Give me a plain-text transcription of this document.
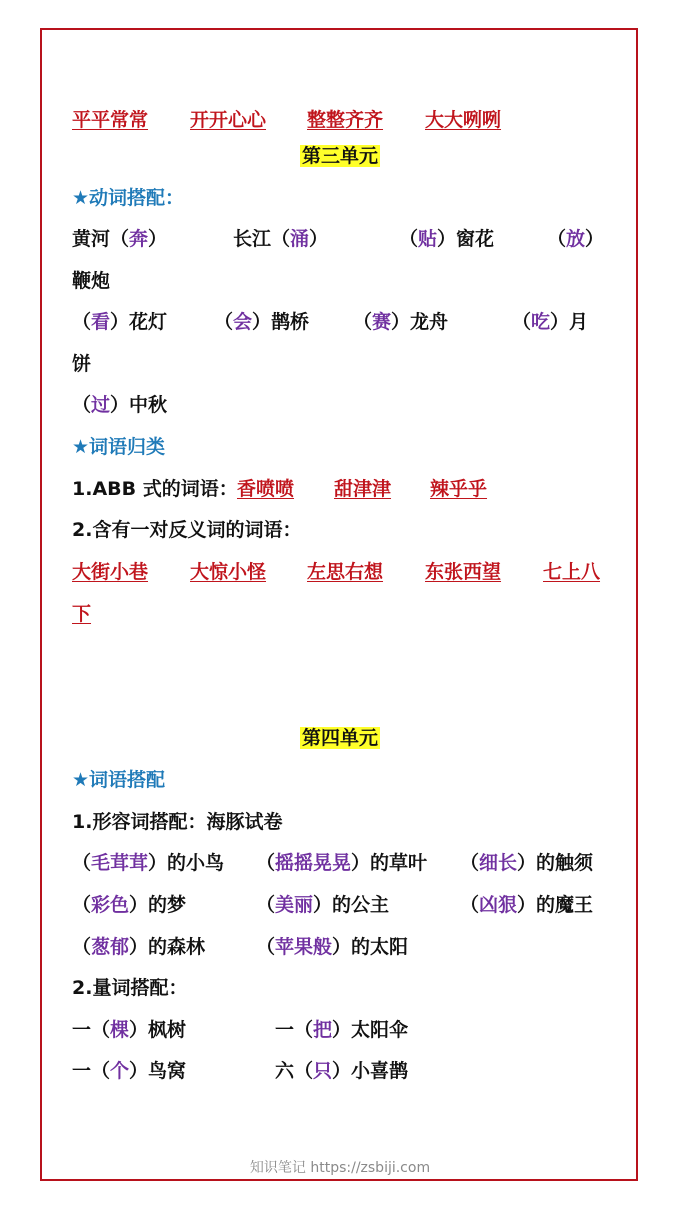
平平常常 开开心心 整整齐齐 大大咧咧
第三单元
★动词搭配：
黄河（奔）	长江（涌）	（贴）窗花	（放）
鞭炮
（看）花灯 （会）鹊桥 （赛）龙舟	（吃）月
饼
（过）中秋
★词语归类
1.ABB 式的词语： 香喷喷 甜津津 辣乎乎
2.含有一对反义词的词语：
大街小巷 大惊小怪 左思右想 东张西望 七上八
下
第四单元
★词语搭配
1.形容词搭配：海豚试卷
（毛茸茸）的小鸟 （摇摇晃晃）的草叶 （细长）的触须
（彩色）的梦	（美丽）的公主	（凶狠）的魔王
（葱郁）的森林	（苹果般）的太阳
2.量词搭配：
一（棵）枫树	一（把）太阳伞
一（个）鸟窝	六（只）小喜鹊
知识笔记 https://zsbiji.com
